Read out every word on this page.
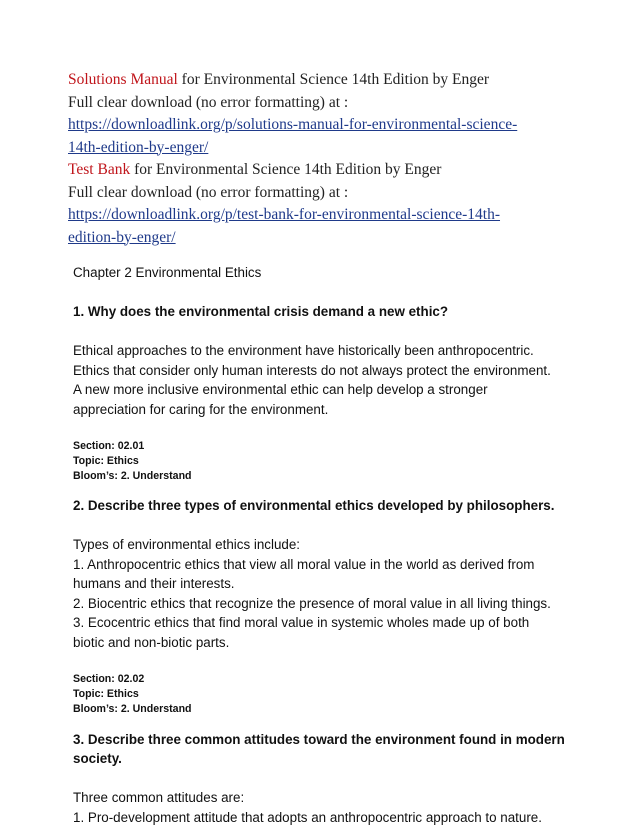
Solutions Manual for Environmental Science 14th Edition by Enger
Full clear download (no error formatting) at :
https://downloadlink.org/p/solutions-manual-for-environmental-science-
14th-edition-by-enger/
Test Bank for Environmental Science 14th Edition by Enger
Full clear download (no error formatting) at :
https://downloadlink.org/p/test-bank-for-environmental-science-14th-
edition-by-enger/
Chapter 2 Environmental Ethics
1. Why does the environmental crisis demand a new ethic?
Ethical approaches to the environment have historically been anthropocentric.
Ethics that consider only human interests do not always protect the environment.
A new more inclusive environmental ethic can help develop a stronger
appreciation for caring for the environment.
Section: 02.01
Topic: Ethics
Bloom’s: 2. Understand
2. Describe three types of environmental ethics developed by philosophers.
Types of environmental ethics include:
1. Anthropocentric ethics that view all moral value in the world as derived from
humans and their interests.
2. Biocentric ethics that recognize the presence of moral value in all living things.
3. Ecocentric ethics that find moral value in systemic wholes made up of both
biotic and non-biotic parts.
Section: 02.02
Topic: Ethics
Bloom’s: 2. Understand
3. Describe three common attitudes toward the environment found in modern
society.
Three common attitudes are:
1. Pro-development attitude that adopts an anthropocentric approach to nature.
